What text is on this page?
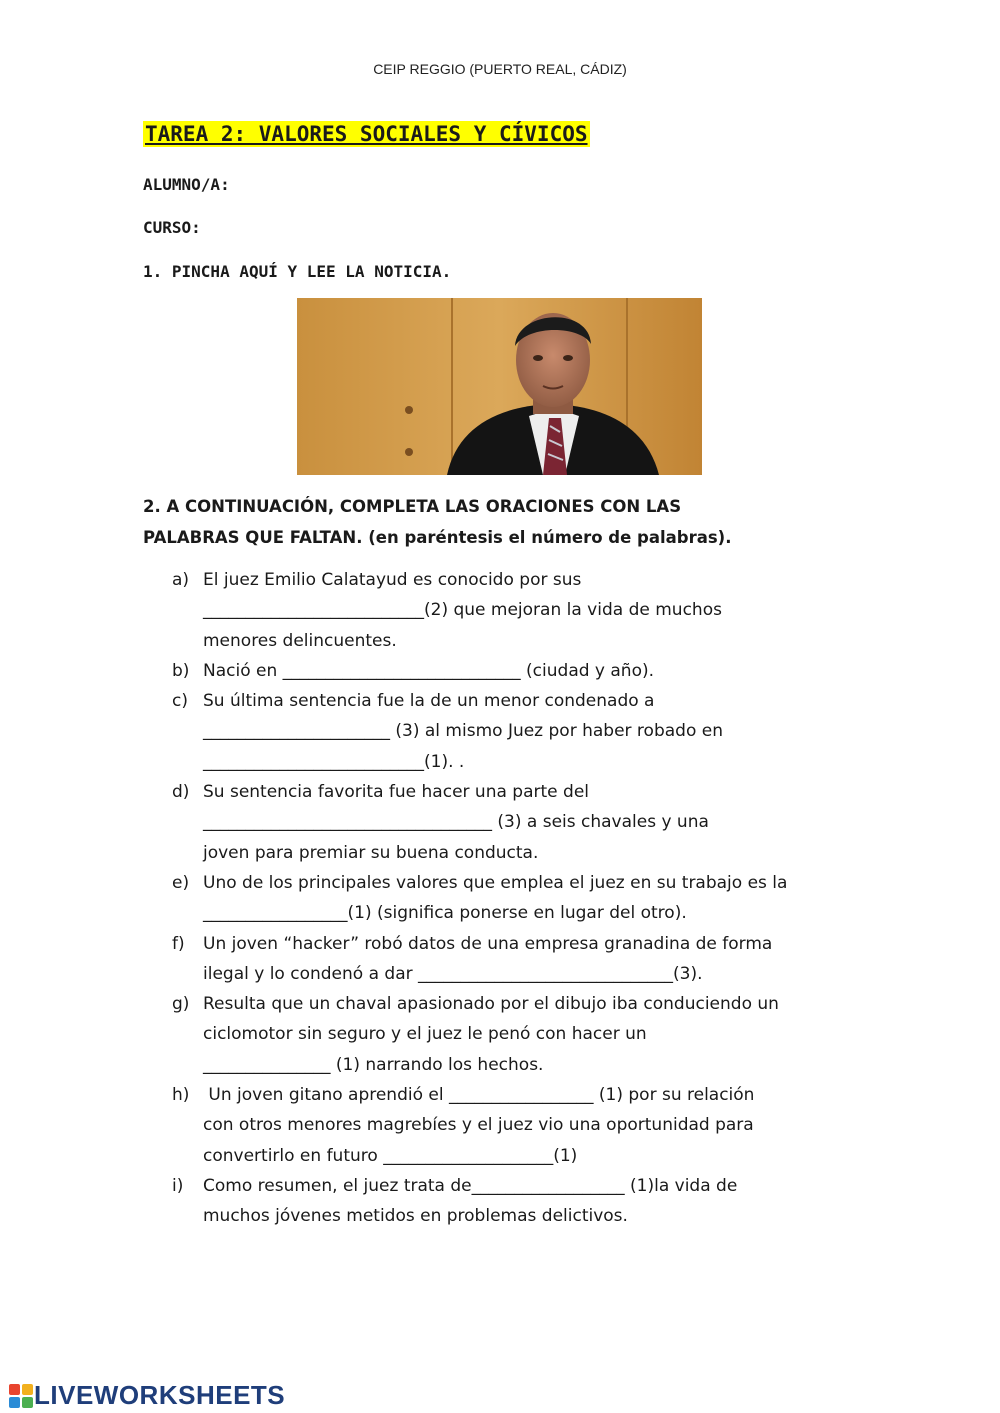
CEIP REGGIO (PUERTO REAL, CÁDIZ)
TAREA 2: VALORES SOCIALES Y CÍVICOS
ALUMNO/A:
CURSO:
1. PINCHA AQUÍ Y LEE LA NOTICIA.
2. A CONTINUACIÓN, COMPLETA LAS ORACIONES CON LAS
PALABRAS QUE FALTAN. (en paréntesis el número de palabras).
a) El juez Emilio Calatayud es conocido por sus
__________________________(2) que mejoran la vida de muchos
menores delincuentes.
b) Nació en ____________________________ (ciudad y año).
c) Su última sentencia fue la de un menor condenado a
______________________ (3) al mismo Juez por haber robado en
__________________________(1). .
d) Su sentencia favorita fue hacer una parte del
__________________________________ (3) a seis chavales y una
joven para premiar su buena conducta.
e) Uno de los principales valores que emplea el juez en su trabajo es la
_________________(1) (significa ponerse en lugar del otro).
f)	Un joven “hacker” robó datos de una empresa granadina de forma
ilegal y lo condenó a dar ______________________________(3).
g) Resulta que un chaval apasionado por el dibujo iba conduciendo un
ciclomotor sin seguro y el juez le penó con hacer un
_______________ (1) narrando los hechos.
h) Un joven gitano aprendió el _________________ (1) por su relación
con otros menores magrebíes y el juez vio una oportunidad para
convertirlo en futuro ____________________(1)
i)	Como resumen, el juez trata de__________________ (1)la vida de
muchos jóvenes metidos en problemas delictivos.
LIVEWORKSHEETS
